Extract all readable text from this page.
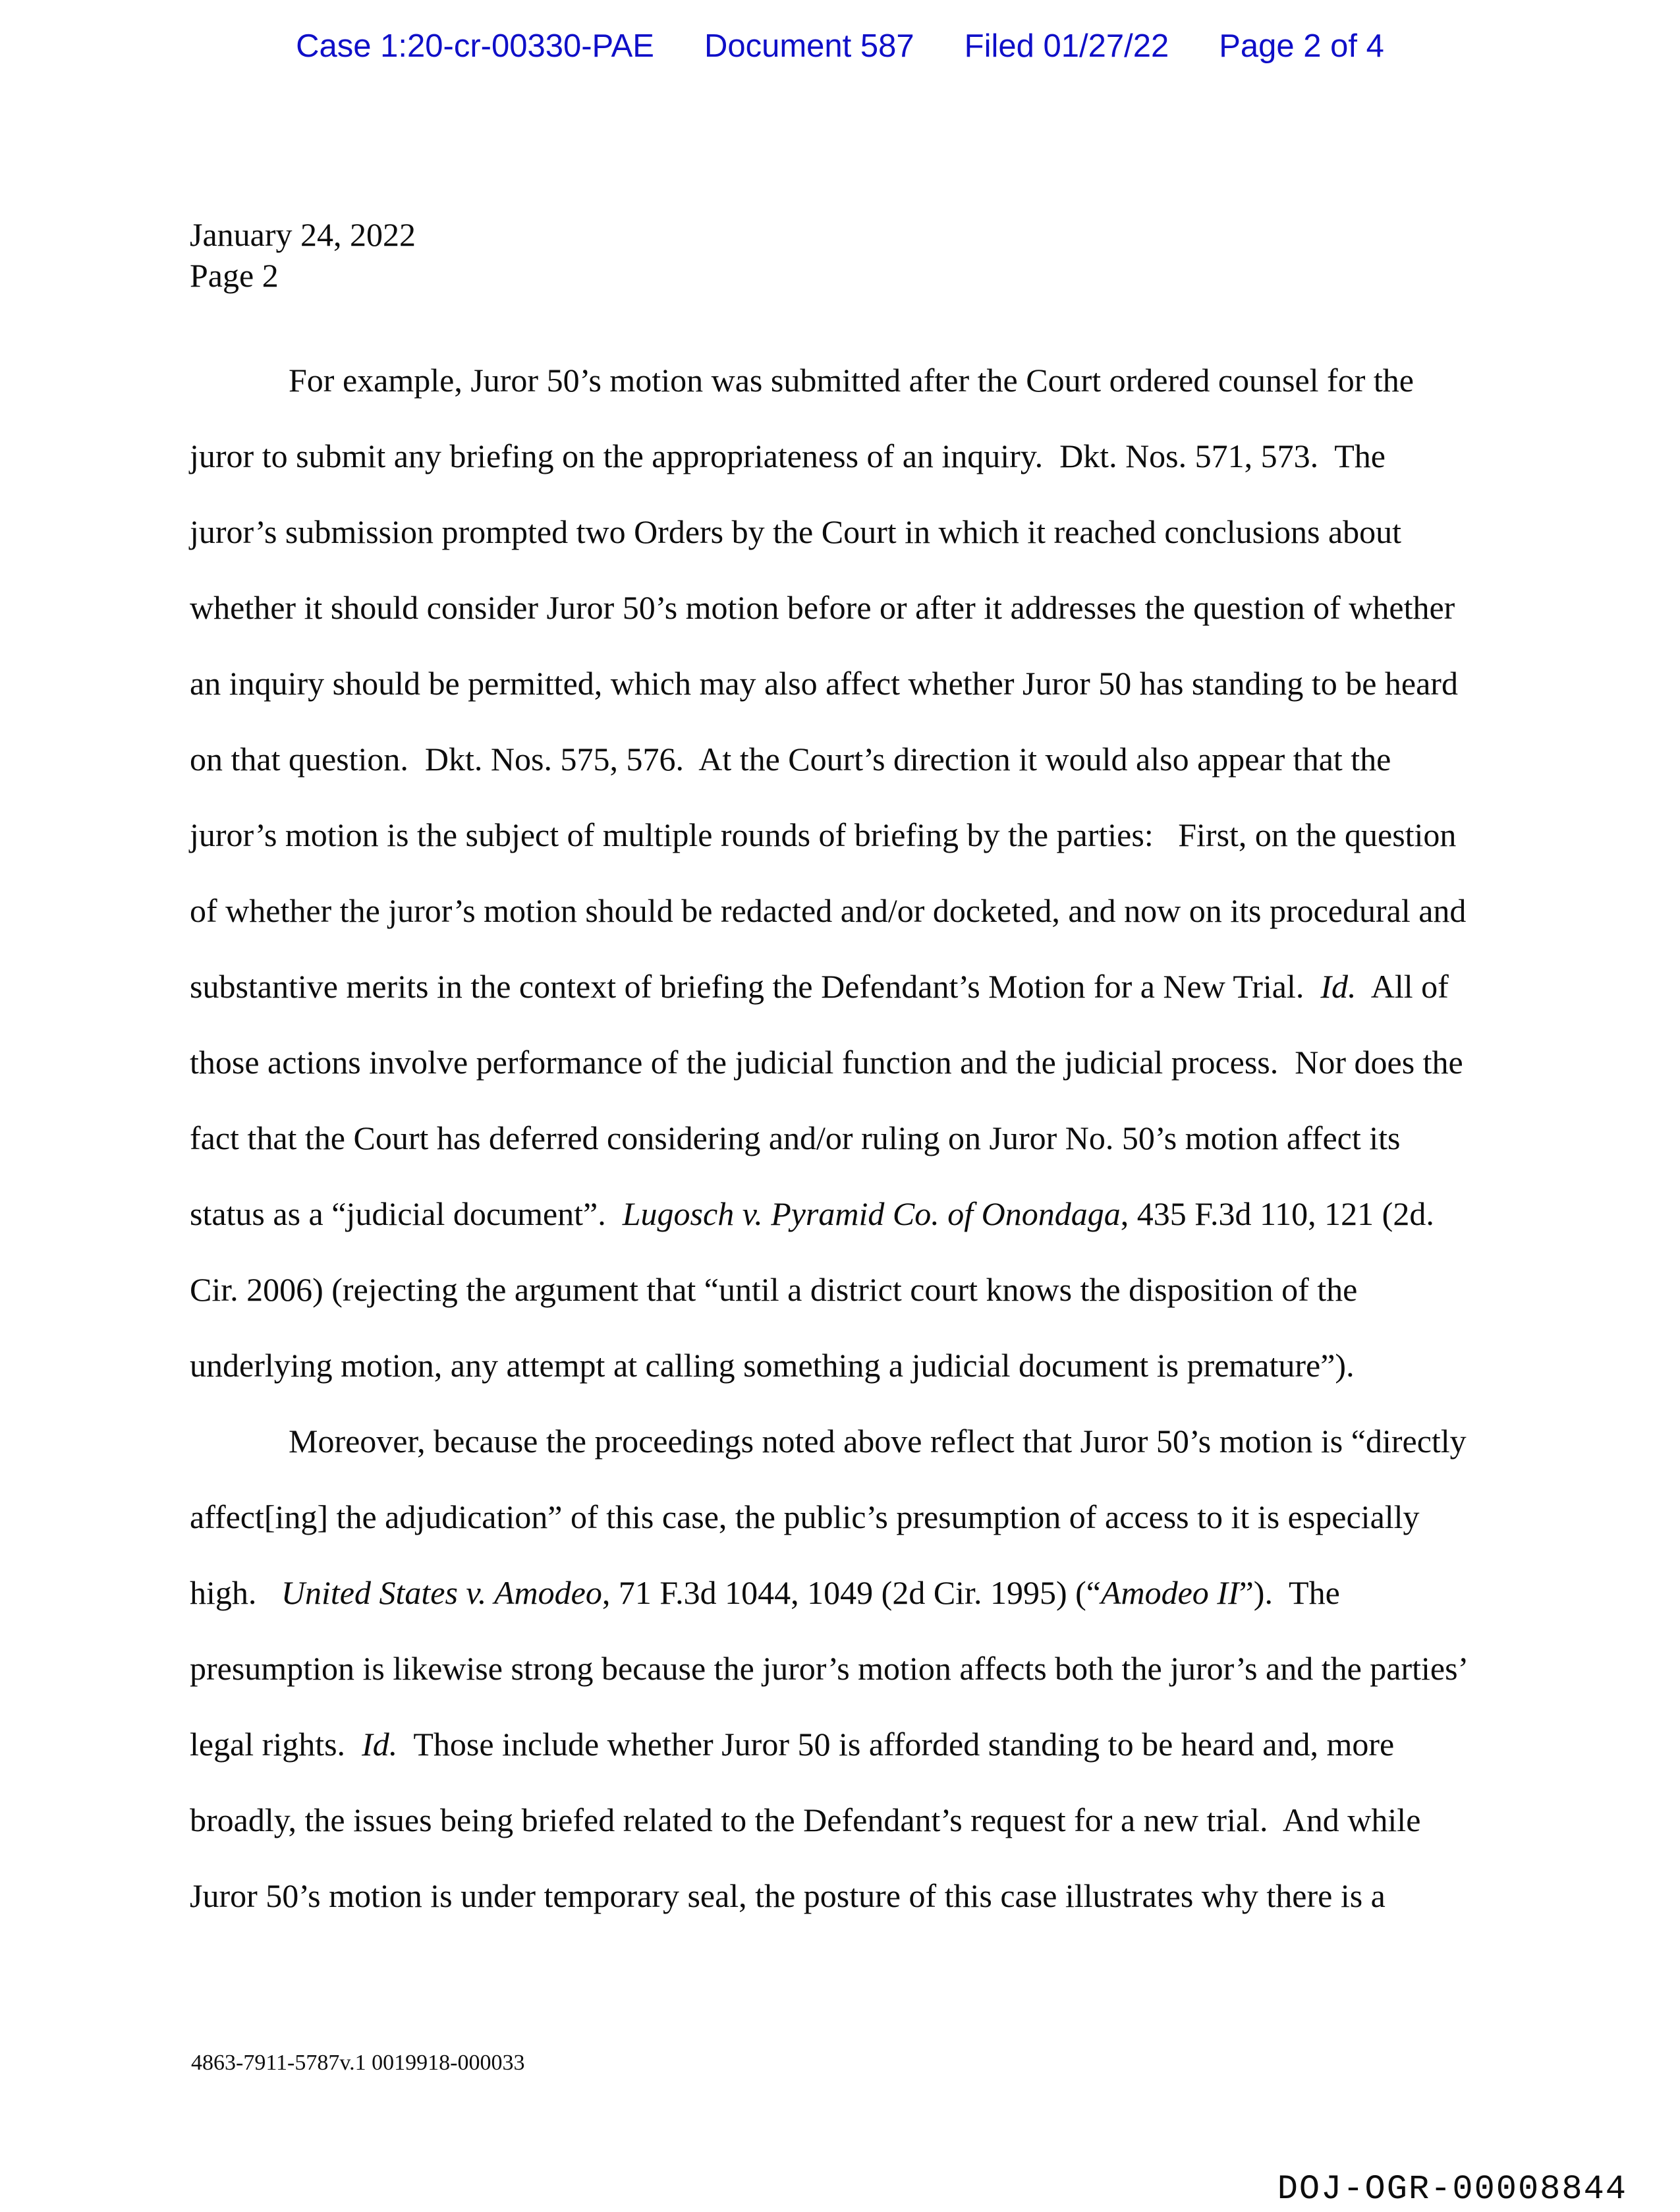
Case 1:20-cr-00330-PAE Document 587 Filed 01/27/22 Page 2 of 4
January 24, 2022
Page 2
For example, Juror 50’s motion was submitted after the Court ordered counsel for the
juror to submit any briefing on the appropriateness of an inquiry.  Dkt. Nos. 571, 573.  The
juror’s submission prompted two Orders by the Court in which it reached conclusions about
whether it should consider Juror 50’s motion before or after it addresses the question of whether
an inquiry should be permitted, which may also affect whether Juror 50 has standing to be heard
on that question.  Dkt. Nos. 575, 576.  At the Court’s direction it would also appear that the
juror’s motion is the subject of multiple rounds of briefing by the parties:   First, on the question
of whether the juror’s motion should be redacted and/or docketed, and now on its procedural and
substantive merits in the context of briefing the Defendant’s Motion for a New Trial.  Id.  All of
those actions involve performance of the judicial function and the judicial process.  Nor does the
fact that the Court has deferred considering and/or ruling on Juror No. 50’s motion affect its
status as a “judicial document”.  Lugosch v. Pyramid Co. of Onondaga, 435 F.3d 110, 121 (2d.
Cir. 2006) (rejecting the argument that “until a district court knows the disposition of the
underlying motion, any attempt at calling something a judicial document is premature”).
Moreover, because the proceedings noted above reflect that Juror 50’s motion is “directly
affect[ing] the adjudication” of this case, the public’s presumption of access to it is especially
high.   United States v. Amodeo, 71 F.3d 1044, 1049 (2d Cir. 1995) (“Amodeo II”).  The
presumption is likewise strong because the juror’s motion affects both the juror’s and the parties’
legal rights.  Id.  Those include whether Juror 50 is afforded standing to be heard and, more
broadly, the issues being briefed related to the Defendant’s request for a new trial.  And while
Juror 50’s motion is under temporary seal, the posture of this case illustrates why there is a
4863-7911-5787v.1 0019918-000033
DOJ-OGR-00008844
